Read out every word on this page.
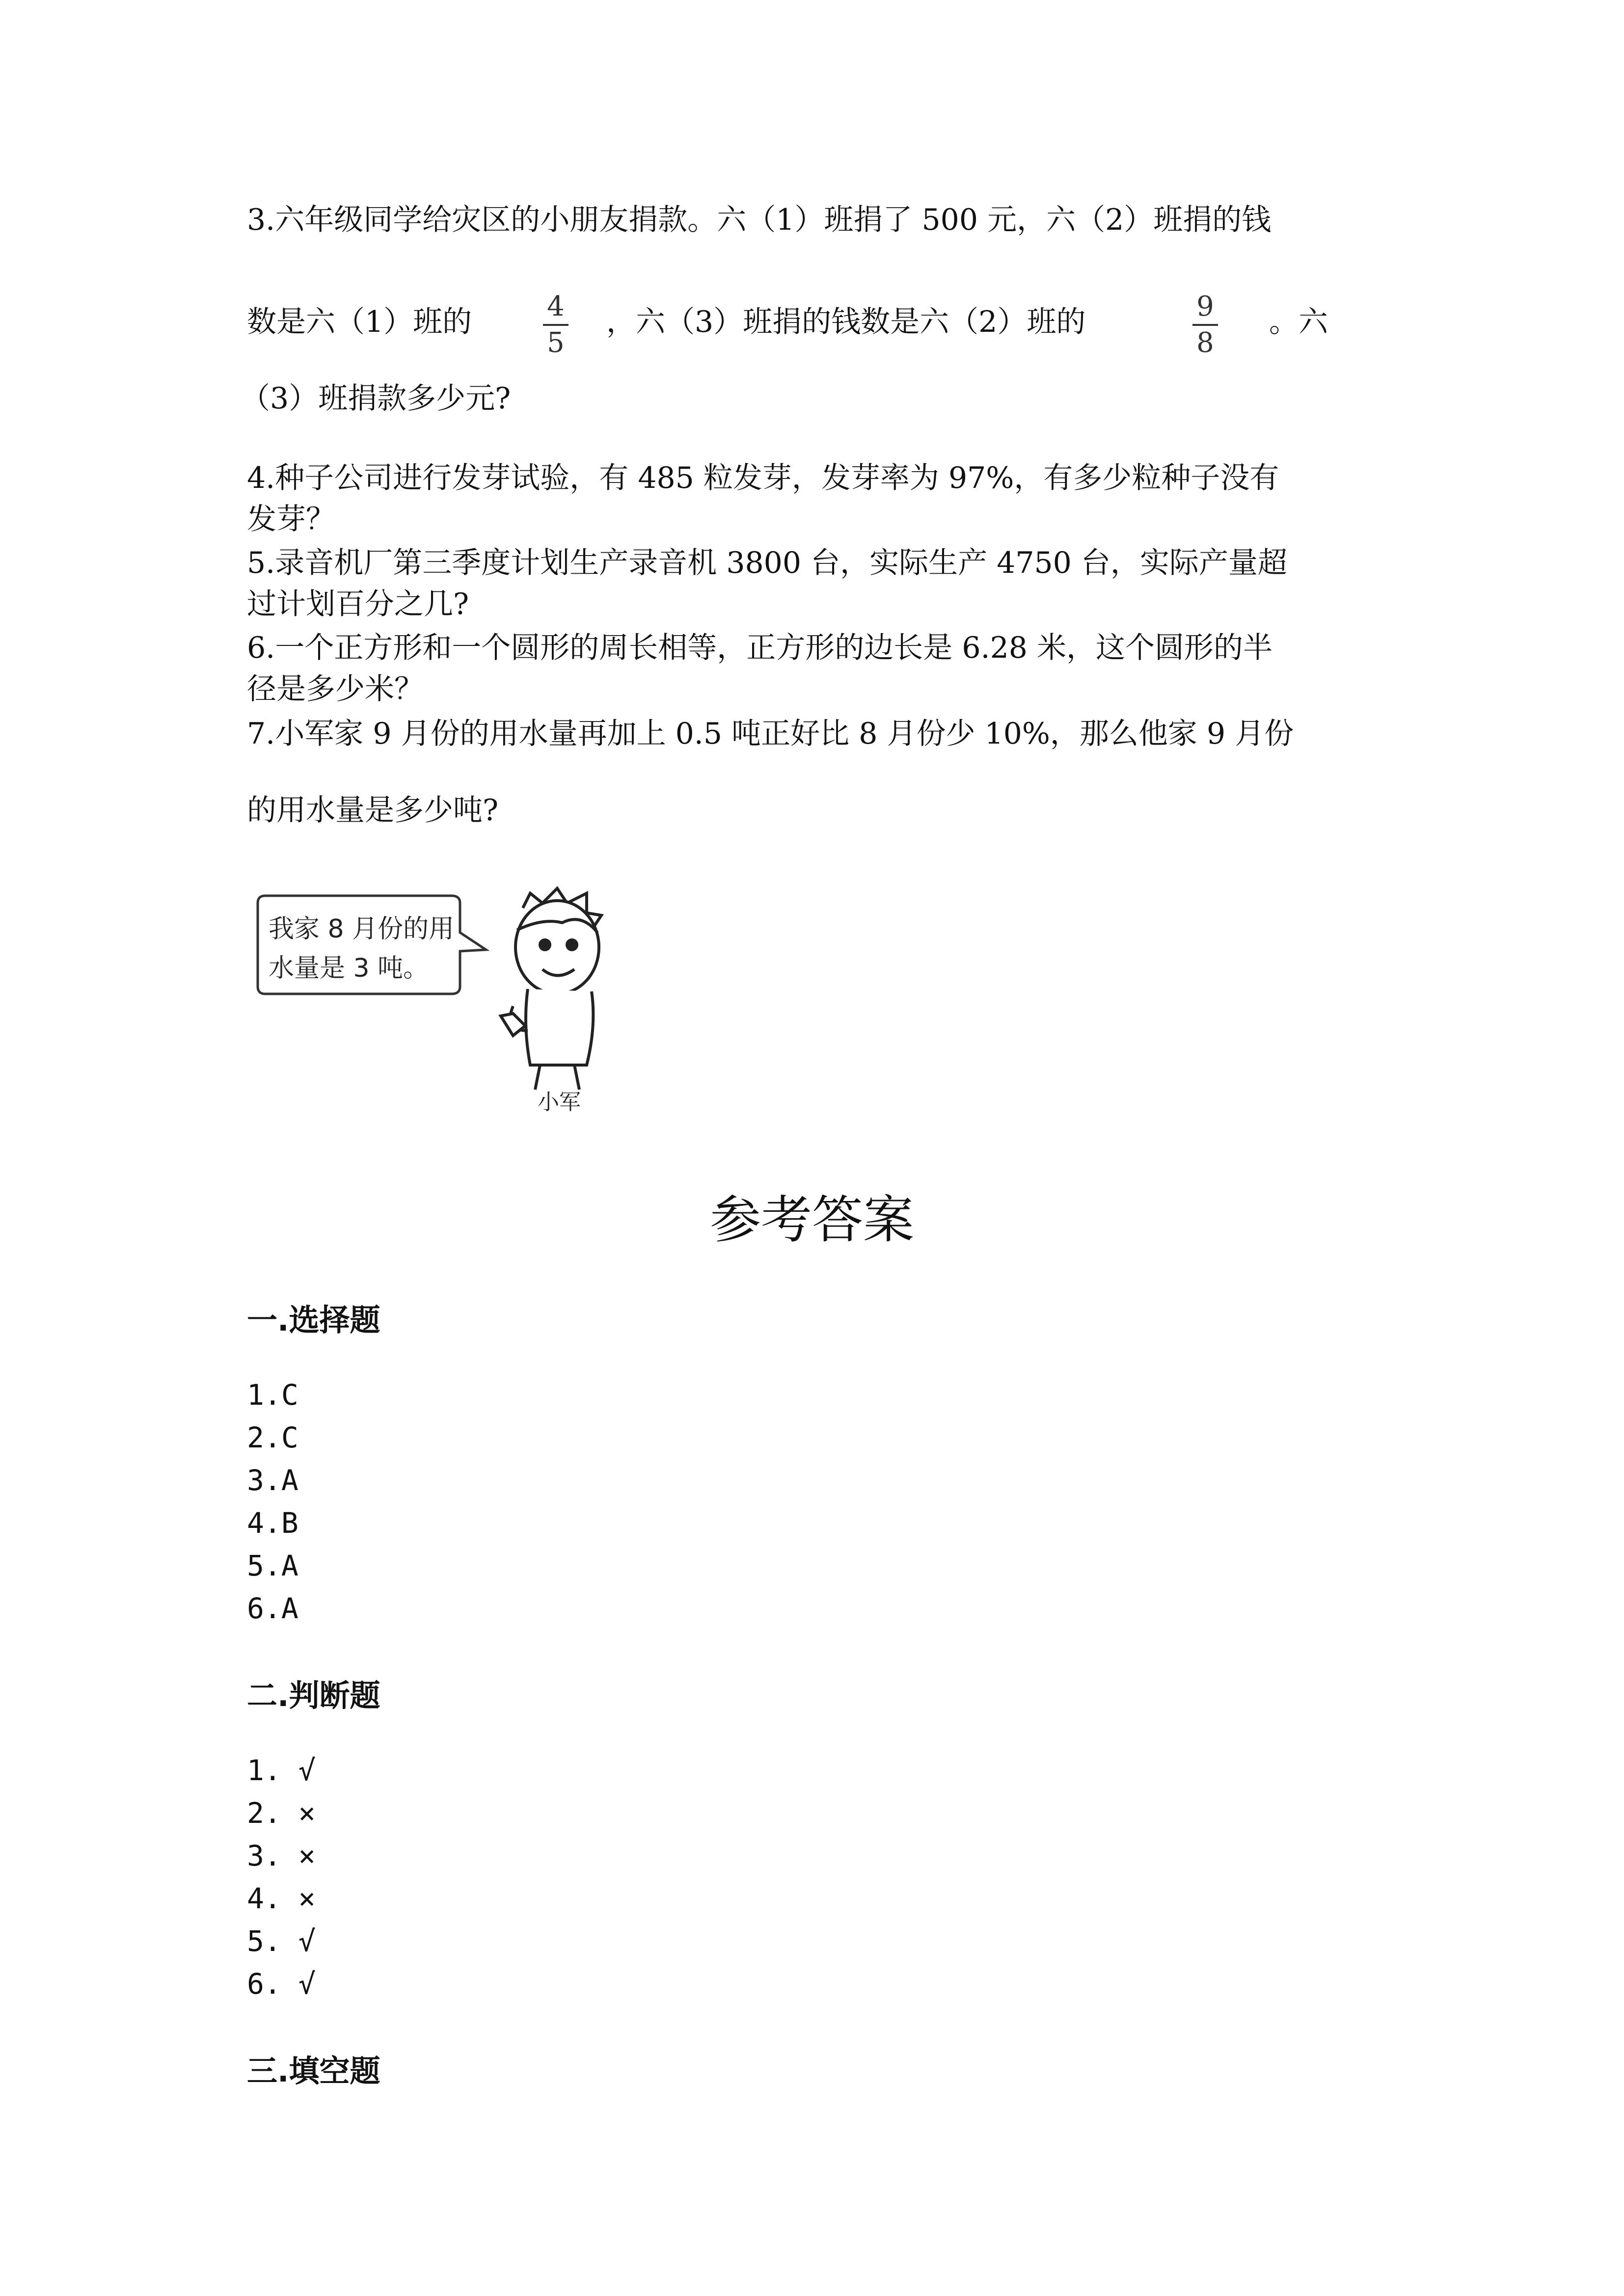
3.六年级同学给灾区的小朋友捐款。六（1）班捐了 500 元，六（2）班捐的钱
数是六（1）班的	4
5
，六（3）班捐的钱数是六（2）班的	9
8
。六
（3）班捐款多少元?
4.种子公司进行发芽试验，有 485 粒发芽，发芽率为 97%，有多少粒种子没有
发芽？
5.录音机厂第三季度计划生产录音机 3800 台，实际生产 4750 台，实际产量超
过计划百分之几?
6.一个正方形和一个圆形的周长相等，正方形的边长是 6.28 米，这个圆形的半
径是多少米？
7.小军家 9 月份的用水量再加上 0.5 吨正好比 8 月份少 10%，那么他家 9 月份
的用水量是多少吨?
我家 8 月份的用
水量是 3 吨。
小军
参考答案
一.选择题
1.C
2.C
3.A
4.B
5.A
6.A
二.判断题
1. √
2. ×
3. ×
4. ×
5. √
6. √
三.填空题
